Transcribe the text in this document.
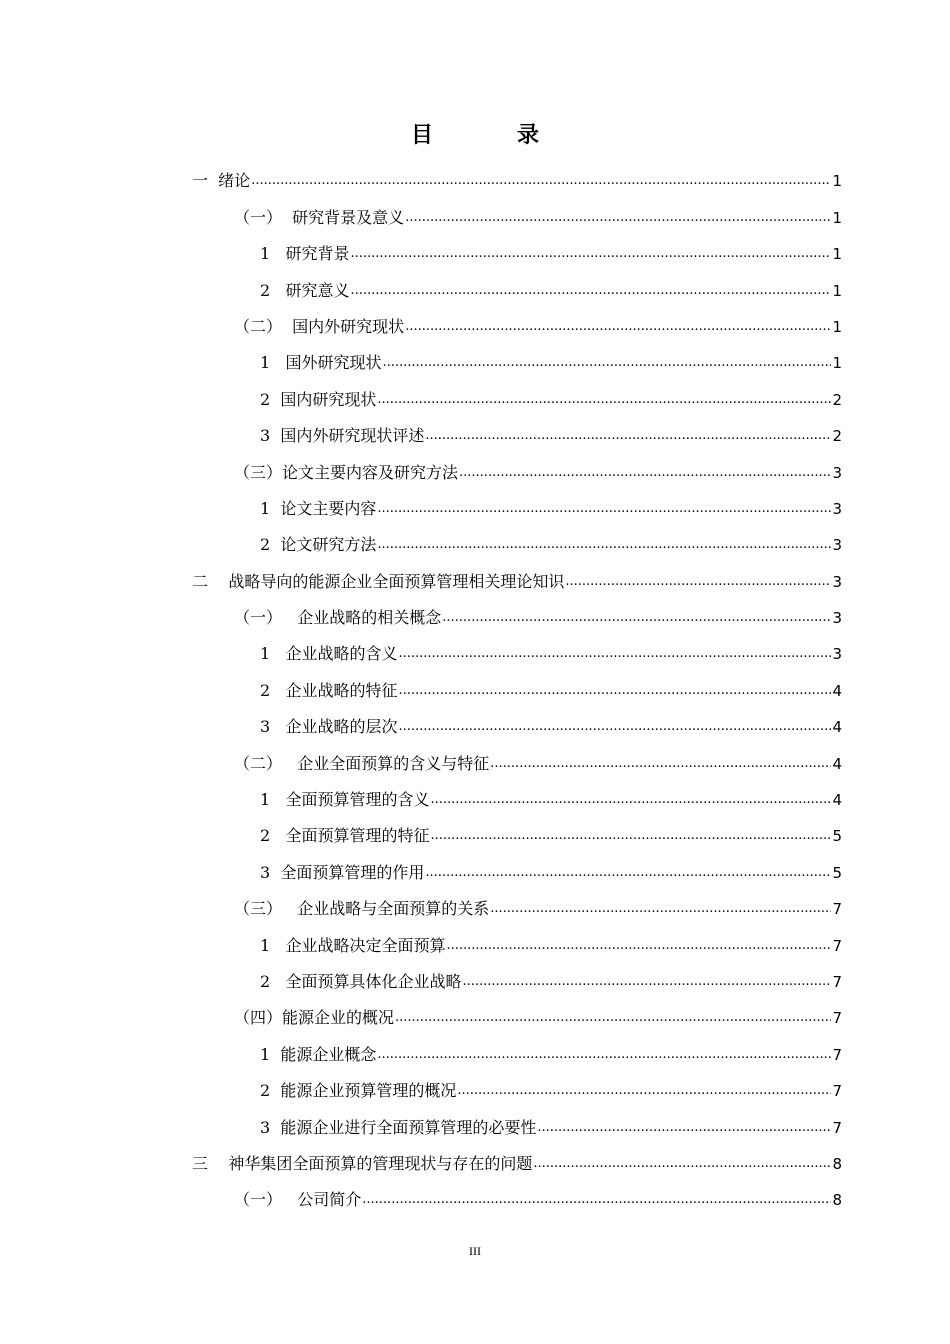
目	录
一  绪论 .....	1
（一）  研究背景及意义 .....	1
1   研究背景 .....	1
2   研究意义 .....	1
（二）  国内外研究现状 .....	1
1   国外研究现状 .....	1
2  国内研究现状 .....	2
3  国内外研究现状评述 .....	2
（三）论文主要内容及研究方法 .....	3
1  论文主要内容 .....	3
2  论文研究方法 .....	3
二    战略导向的能源企业全面预算管理相关理论知识 .....	3
（一）   企业战略的相关概念 .....	3
1   企业战略的含义 .....	3
2   企业战略的特征 .....	4
3   企业战略的层次 .....	4
（二）   企业全面预算的含义与特征 .....	4
1   全面预算管理的含义 .....	4
2   全面预算管理的特征 .....	5
3  全面预算管理的作用 .....	5
（三）   企业战略与全面预算的关系 .....	7
1   企业战略决定全面预算 .....	7
2   全面预算具体化企业战略 .....	7
（四）能源企业的概况 .....	7
1  能源企业概念 .....	7
2  能源企业预算管理的概况 .....	7
3  能源企业进行全面预算管理的必要性 .....	7
三    神华集团全面预算的管理现状与存在的问题 .....	8
（一）   公司简介 .....	8
III
